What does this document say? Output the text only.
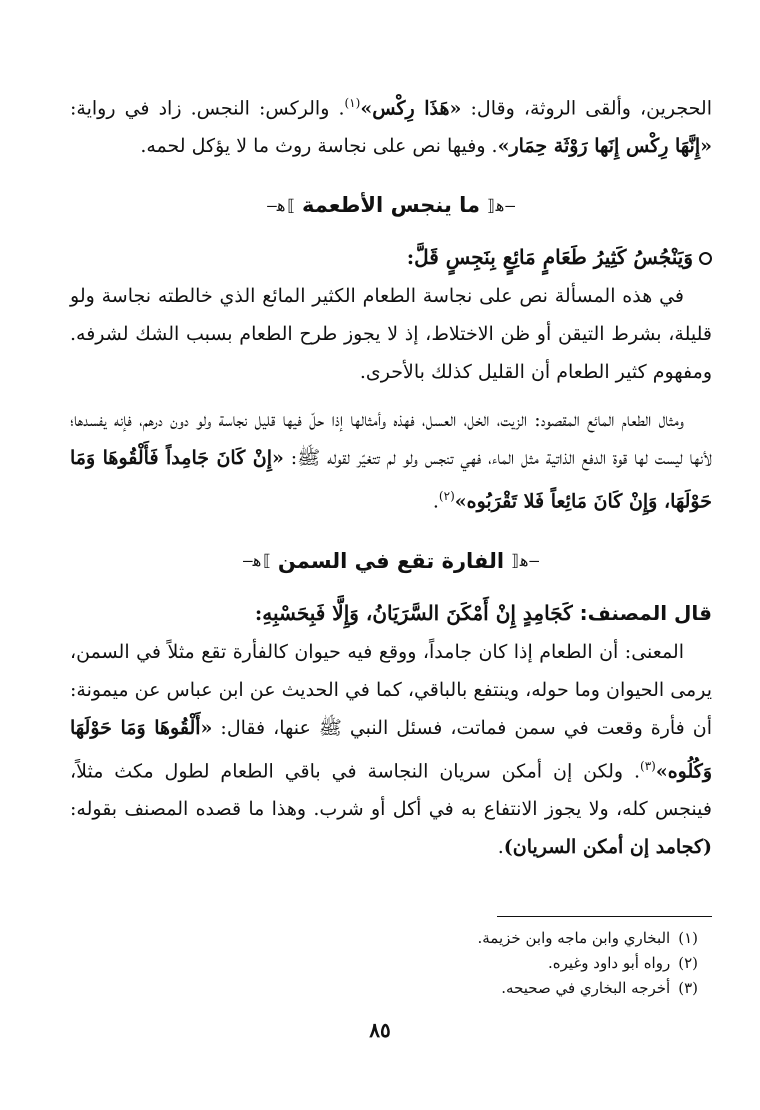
الحجرين، وألقى الروثة، وقال: «هَذَا رِكْس»$^{(١)}$. والركس: النجس. زاد في رواية: «إِنَّهَا رِكْس إِنَها رَوْثَة حِمَار». وفيها نص على نجاسة روث ما لا يؤكل لحمه.

—ﻫ⟦
ما ينجس الأطعمة
⟧ﻫ—

وَيَنْجُسُ كَثِيرُ طَعَامٍ مَائِعٍ بِنَجِسٍ قَلَّ:

في هذه المسألة نص على نجاسة الطعام الكثير المائع الذي خالطته نجاسة ولو قليلة، بشرط التيقن أو ظن الاختلاط، إذ لا يجوز طرح الطعام بسبب الشك لشرفه. ومفهوم كثير الطعام أن القليل كذلك بالأحرى.

ومثال الطعام المائع المقصود: الزيت، الخل، العسل، فهذه وأمثالها إذا حلّ فيها قليل نجاسة ولو دون درهم، فإنه يفسدها؛ لأنها ليست لها قوة الدفع الذاتية مثل الماء، فهي تنجس ولو لم تتغيّر لقوله ﷺ: «إِنْ كَانَ جَامِداً فَأَلْقُوهَا وَمَا حَوْلَهَا، وَإِنْ كَانَ مَائِعاً فَلا تَقْرَبُوه»$^{(٢)}$.

—ﻫ⟦
الفارة تقع في السمن
⟧ﻫ—

قال المصنف: كَجَامِدٍ إِنْ أَمْكَنَ السَّرَيَانُ، وَإِلَّا فَبِحَسْبِهِ:

المعنى: أن الطعام إذا كان جامداً، ووقع فيه حيوان كالفأرة تقع مثلاً في السمن، يرمى الحيوان وما حوله، وينتفع بالباقي، كما في الحديث عن ابن عباس عن ميمونة: أن فأرة وقعت في سمن فماتت، فسئل النبي ﷺ عنها، فقال: «أَلْقُوهَا وَمَا حَوْلَهَا وَكُلُوه»$^{(٣)}$. ولكن إن أمكن سريان النجاسة في باقي الطعام لطول مكث مثلاً، فينجس كله، ولا يجوز الانتفاع به في أكل أو شرب. وهذا ما قصده المصنف بقوله: (كجامد إن أمكن السريان).

(١)البخاري وابن ماجه وابن خزيمة.
(٢)رواه أبو داود وغيره.
(٣)أخرجه البخاري في صحيحه.
٨٥
